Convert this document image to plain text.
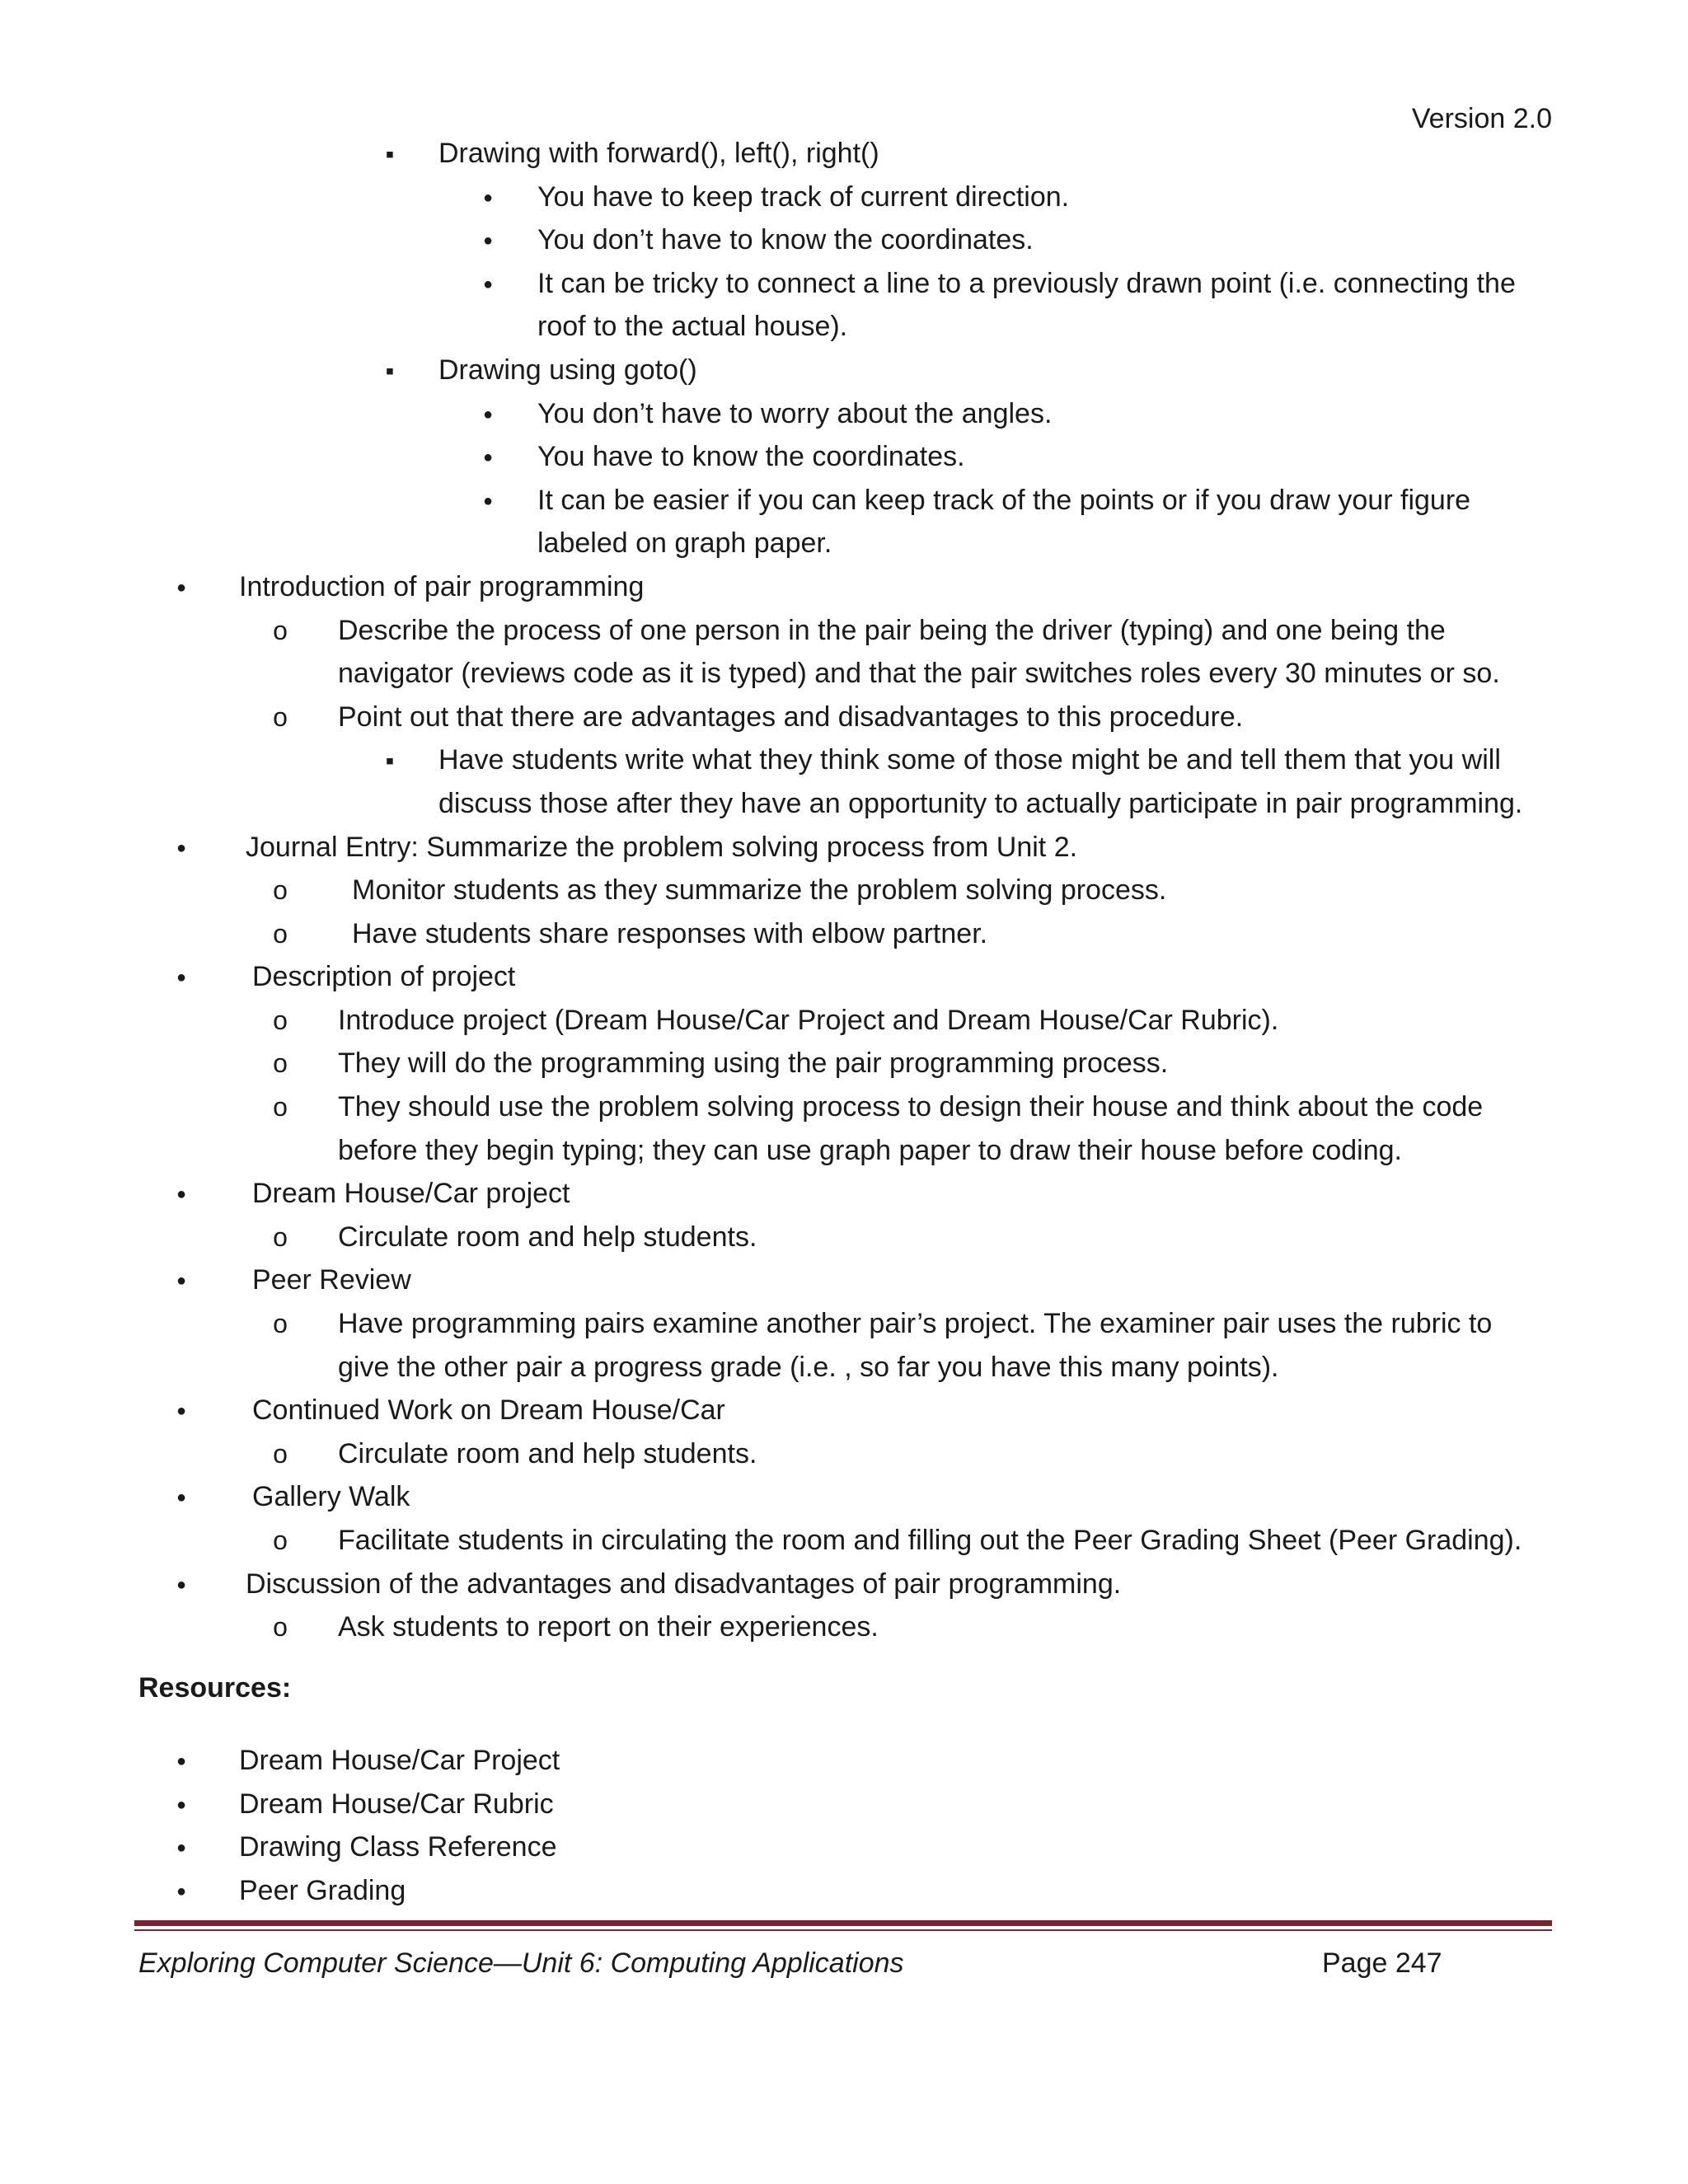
Version 2.0
▪
Drawing with forward(), left(), right()
●
You have to keep track of current direction.
●
You don’t have to know the coordinates.
●
It can be tricky to connect a line to a previously drawn point (i.e. connecting the
roof to the actual house).
▪
Drawing using goto()
●
You don’t have to worry about the angles.
●
You have to know the coordinates.
●
It can be easier if you can keep track of the points or if you draw your figure
labeled on graph paper.
●
Introduction of pair programming
o
Describe the process of one person in the pair being the driver (typing) and one being the
navigator (reviews code as it is typed) and that the pair switches roles every 30 minutes or so.
o
Point out that there are advantages and disadvantages to this procedure.
▪
Have students write what they think some of those might be and tell them that you will
discuss those after they have an opportunity to actually participate in pair programming.
●
Journal Entry: Summarize the problem solving process from Unit 2.
o
Monitor students as they summarize the problem solving process.
o
Have students share responses with elbow partner.
●
Description of project
o
Introduce project (Dream House/Car Project and Dream House/Car Rubric).
o
They will do the programming using the pair programming process.
o
They should use the problem solving process to design their house and think about the code
before they begin typing; they can use graph paper to draw their house before coding.
●
Dream House/Car project
o
Circulate room and help students.
●
Peer Review
o
Have programming pairs examine another pair’s project. The examiner pair uses the rubric to
give the other pair a progress grade (i.e. , so far you have this many points).
●
Continued Work on Dream House/Car
o
Circulate room and help students.
●
Gallery Walk
o
Facilitate students in circulating the room and filling out the Peer Grading Sheet (Peer Grading).
●
Discussion of the advantages and disadvantages of pair programming.
o
Ask students to report on their experiences.
Resources:
●
Dream House/Car Project
●
Dream House/Car Rubric
●
Drawing Class Reference
●
Peer Grading
Exploring Computer Science—Unit 6: Computing Applications	Page 247
